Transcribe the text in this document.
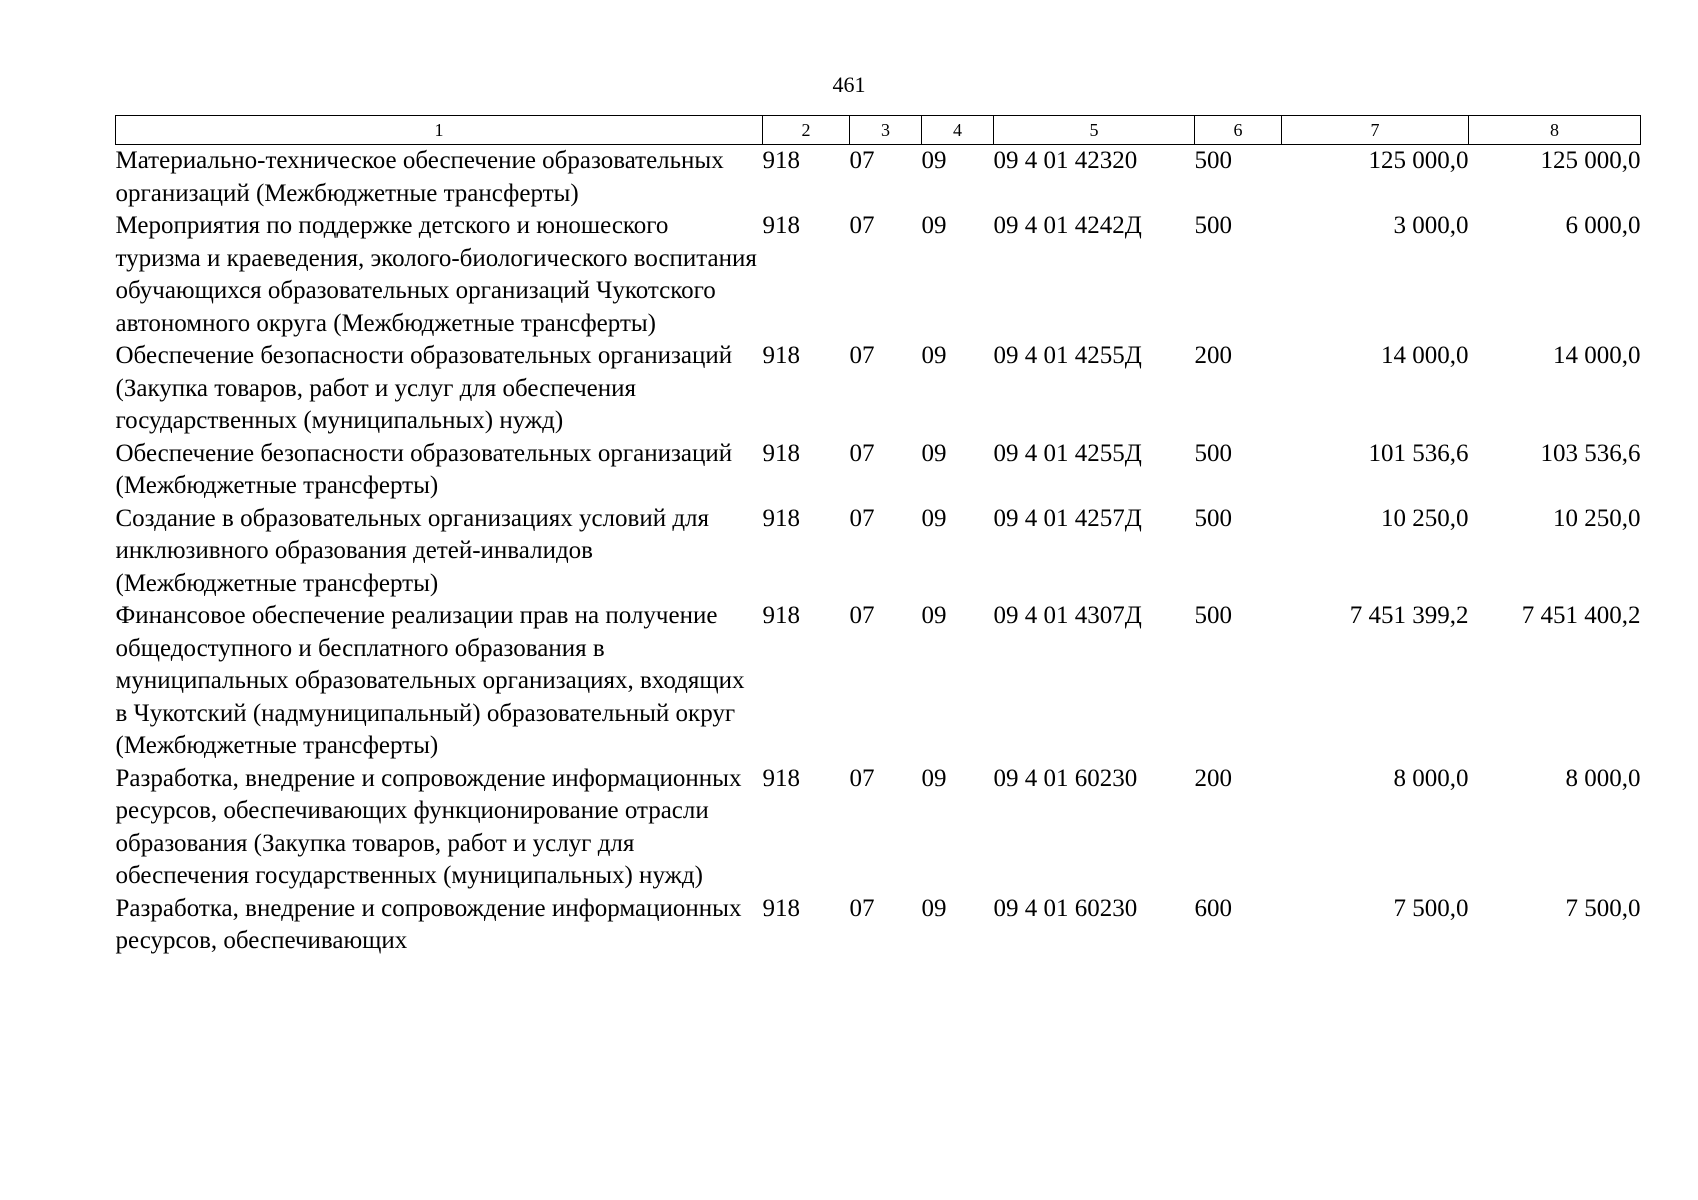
461
1	2	3	4	5	6	7	8
Материально-техническое обеспечение образовательных организаций (Межбюджетные трансферты)	918	07	09	09 4 01 42320	500	125 000,0	125 000,0
Мероприятия по поддержке детского и юношеского туризма и краеведения, эколого-биологического воспитания обучающихся образовательных организаций Чукотского автономного округа (Межбюджетные трансферты)	918	07	09	09 4 01 4242Д	500	3 000,0	6 000,0
Обеспечение безопасности образовательных организаций (Закупка товаров, работ и услуг для обеспечения государственных (муниципальных) нужд)	918	07	09	09 4 01 4255Д	200	14 000,0	14 000,0
Обеспечение безопасности образовательных организаций (Межбюджетные трансферты)	918	07	09	09 4 01 4255Д	500	101 536,6	103 536,6
Создание в образовательных организациях условий для инклюзивного образования детей-инвалидов (Межбюджетные трансферты)	918	07	09	09 4 01 4257Д	500	10 250,0	10 250,0
Финансовое обеспечение реализации прав на получение общедоступного и бесплатного образования в муниципальных образовательных организациях, входящих в Чукотский (надмуниципальный) образовательный округ (Межбюджетные трансферты)	918	07	09	09 4 01 4307Д	500	7 451 399,2	7 451 400,2
Разработка, внедрение и сопровождение информационных ресурсов, обеспечивающих функционирование отрасли образования (Закупка товаров, работ и услуг для обеспечения государственных (муниципальных) нужд)	918	07	09	09 4 01 60230	200	8 000,0	8 000,0
Разработка, внедрение и сопровождение информационных ресурсов, обеспечивающих	918	07	09	09 4 01 60230	600	7 500,0	7 500,0
